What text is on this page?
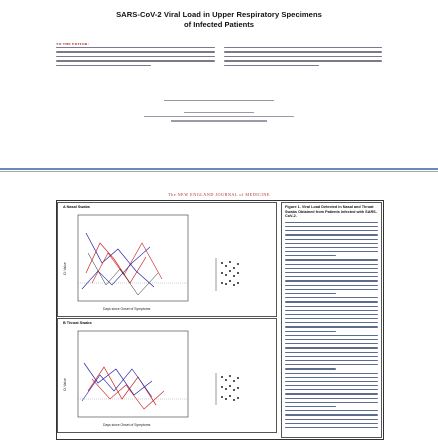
SARS-CoV-2 Viral Load in Upper Respiratory Specimens
of Infected Patients
TO THE EDITOR:
The NEW ENGLAND JOURNAL of MEDICINE
A Nasal Swabs
Ct Value
Days since Onset of Symptoms
B Throat Swabs
Ct Value
Days since Onset of Symptoms
Figure 1. Viral Load Detected in Nasal and Throat Swabs Obtained from Patients Infected with SARS-CoV-2.
